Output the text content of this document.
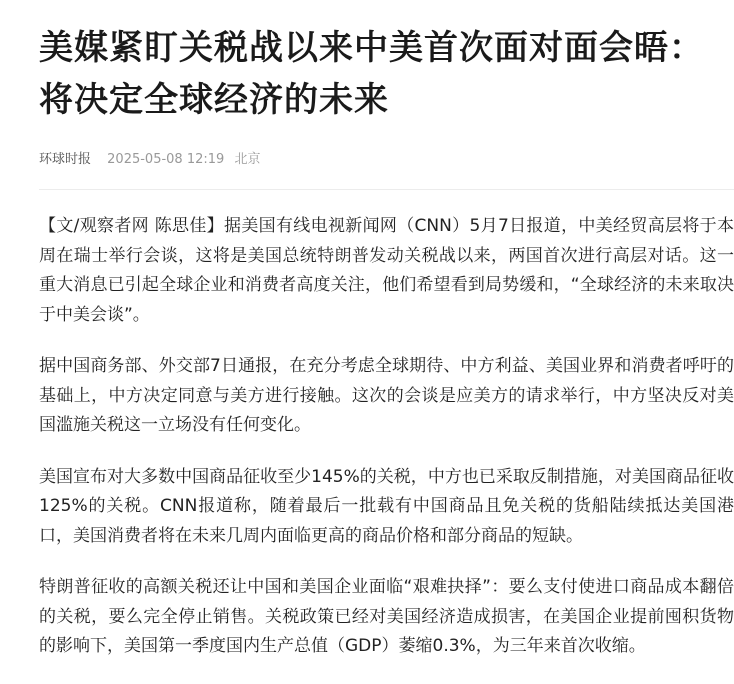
美媒紧盯关税战以来中美首次面对面会晤：将决定全球经济的未来
环球时报 2025-05-08 12:19 北京

【文/观察者网 陈思佳】据美国有线电视新闻网（CNN）5月7日报道，中美经贸高层将于本周在瑞士举行会谈，这将是美国总统特朗普发动关税战以来，两国首次进行高层对话。这一重大消息已引起全球企业和消费者高度关注，他们希望看到局势缓和，“全球经济的未来取决于中美会谈”。

据中国商务部、外交部7日通报，在充分考虑全球期待、中方利益、美国业界和消费者呼吁的基础上，中方决定同意与美方进行接触。这次的会谈是应美方的请求举行，中方坚决反对美国滥施关税这一立场没有任何变化。

美国宣布对大多数中国商品征收至少145%的关税，中方也已采取反制措施，对美国商品征收125%的关税。CNN报道称，随着最后一批载有中国商品且免关税的货船陆续抵达美国港口，美国消费者将在未来几周内面临更高的商品价格和部分商品的短缺。

特朗普征收的高额关税还让中国和美国企业面临“艰难抉择”：要么支付使进口商品成本翻倍的关税，要么完全停止销售。关税政策已经对美国经济造成损害，在美国企业提前囤积货物的影响下，美国第一季度国内生产总值（GDP）萎缩0.3%，为三年来首次收缩。
